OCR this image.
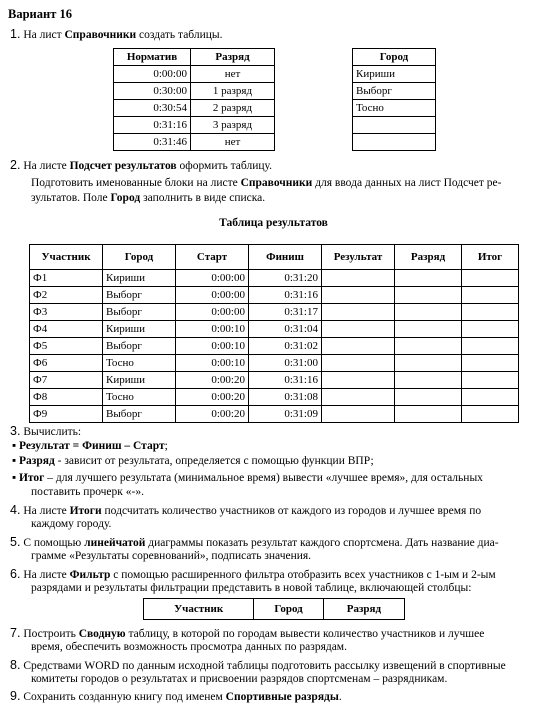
Вариант 16
1. На лист Справочники создать таблицы.
Норматив	Разряд
0:00:00	нет
0:30:00	1 разряд
0:30:54	2 разряд
0:31:16	3 разряд
0:31:46	нет
Город
Кириши
Выборг
Тосно

2. На листе Подсчет результатов оформить таблицу.
Подготовить именованные блоки на листе Справочники для ввода данных на лист Подсчет ре-
зультатов. Поле Город заполнить в виде списка.
Таблица результатов
Участник	Город	Старт	Финиш	Результат	Разряд	Итог
Ф1	Кириши	0:00:00	0:31:20			
Ф2	Выборг	0:00:00	0:31:16			
Ф3	Выборг	0:00:00	0:31:17			
Ф4	Кириши	0:00:10	0:31:04			
Ф5	Выборг	0:00:10	0:31:02			
Ф6	Тосно	0:00:10	0:31:00			
Ф7	Кириши	0:00:20	0:31:16			
Ф8	Тосно	0:00:20	0:31:08			
Ф9	Выборг	0:00:20	0:31:09			
3. Вычислить:
▪ Результат = Финиш – Старт;
▪ Разряд - зависит от результата, определяется с помощью функции ВПР;
▪ Итог – для лучшего результата (минимальное время) вывести «лучшее время», для остальных
поставить прочерк «-».
4. На листе Итоги подсчитать количество участников от каждого из городов и лучшее время по
каждому городу.
5. С помощью линейчатой диаграммы показать результат каждого спортсмена. Дать название диа-
грамме «Результаты соревнований», подписать значения.
6. На листе Фильтр с помощью расширенного фильтра отобразить всех участников с 1-ым и 2-ым
разрядами и результаты фильтрации представить в новой таблице, включающей столбцы:
Участник	Город	Разряд
7. Построить Сводную таблицу, в которой по городам вывести количество участников и лучшее
время, обеспечить возможность просмотра данных по разрядам.
8. Средствами WORD по данным исходной таблицы подготовить рассылку извещений в спортивные
комитеты городов о результатах и присвоении разрядов спортсменам – разрядникам.
9. Сохранить созданную книгу под именем Спортивные разряды.
